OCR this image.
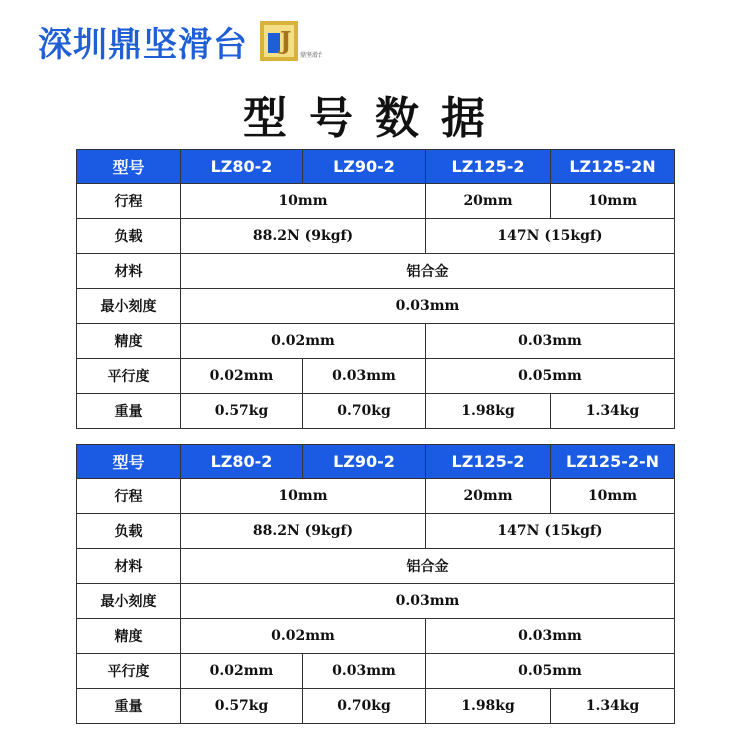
深圳鼎坚滑台 J
鼎坚滑台
型号数据
型号	LZ80-2	LZ90-2	LZ125-2	LZ125-2N
行程	10mm		20mm	10mm
负载	88.2N (9kgf)		147N (15kgf)	
材料	铝合金			
最小刻度	0.03mm			
精度	0.02mm		0.03mm	
平行度	0.02mm	0.03mm	0.05mm	
重量	0.57kg	0.70kg	1.98kg	1.34kg
型号	LZ80-2	LZ90-2	LZ125-2	LZ125-2-N
行程	10mm		20mm	10mm
负载	88.2N (9kgf)		147N (15kgf)	
材料	铝合金			
最小刻度	0.03mm			
精度	0.02mm		0.03mm	
平行度	0.02mm	0.03mm	0.05mm	
重量	0.57kg	0.70kg	1.98kg	1.34kg
